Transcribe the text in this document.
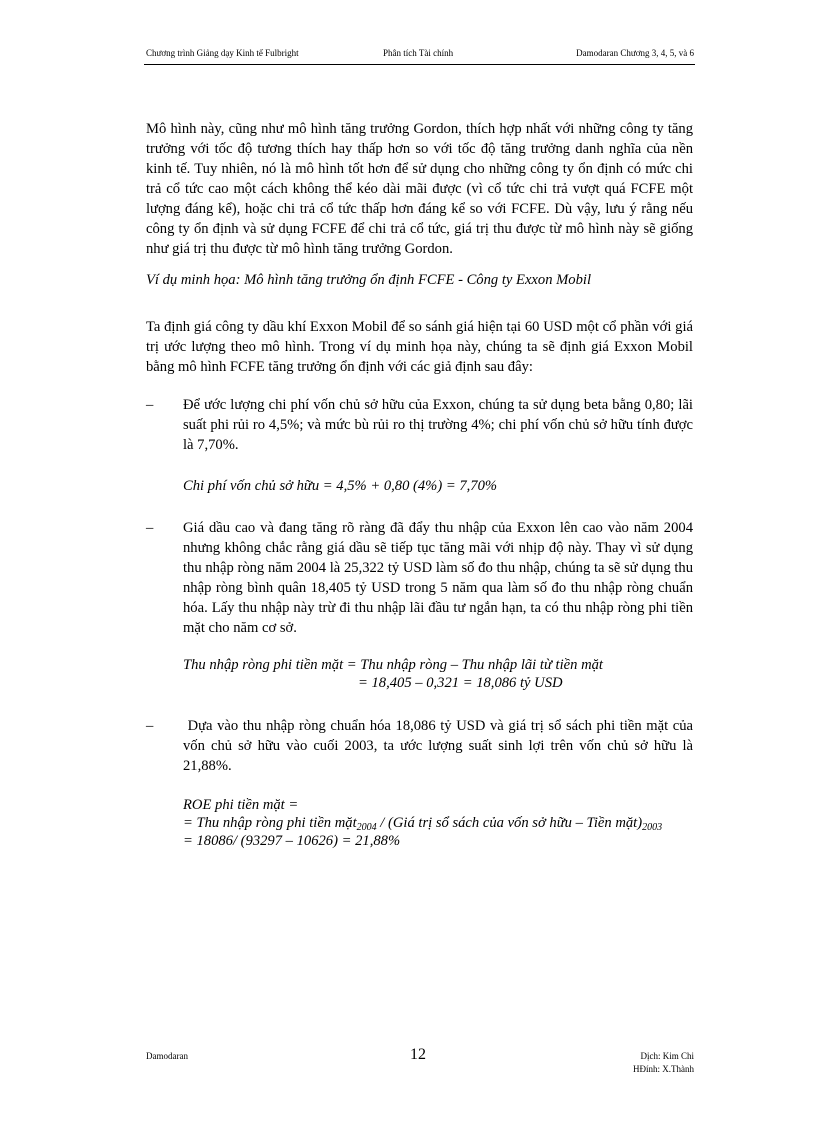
Chương trình Giảng dạy Kinh tế Fulbright	Phân tích Tài chính	Damodaran Chương 3, 4, 5, và 6

Mô hình này, cũng như mô hình tăng trưởng Gordon, thích hợp nhất với những công ty tăng trưởng với tốc độ tương thích hay thấp hơn so với tốc độ tăng trưởng danh nghĩa của nền kinh tế. Tuy nhiên, nó là mô hình tốt hơn để sử dụng cho những công ty ổn định có mức chi trả cổ tức cao một cách không thể kéo dài mãi được (vì cổ tức chi trả vượt quá FCFE một lượng đáng kể), hoặc chi trả cổ tức thấp hơn đáng kể so với FCFE. Dù vậy, lưu ý rằng nếu công ty ổn định và sử dụng FCFE để chi trả cổ tức, giá trị thu được từ mô hình này sẽ giống như giá trị thu được từ mô hình tăng trưởng Gordon.

Ví dụ minh họa: Mô hình tăng trưởng ổn định FCFE - Công ty Exxon Mobil

Ta định giá công ty dầu khí Exxon Mobil để so sánh giá hiện tại 60 USD một cổ phần với giá trị ước lượng theo mô hình. Trong ví dụ minh họa này, chúng ta sẽ định giá Exxon Mobil bằng mô hình FCFE tăng trưởng ổn định với các giả định sau đây:

– Để ước lượng chi phí vốn chủ sở hữu của Exxon, chúng ta sử dụng beta bằng 0,80; lãi suất phi rủi ro 4,5%; và mức bù rủi ro thị trường 4%; chi phí vốn chủ sở hữu tính được là 7,70%.

Chi phí vốn chủ sở hữu = 4,5% + 0,80 (4%) = 7,70%
– Giá dầu cao và đang tăng rõ ràng đã đẩy thu nhập của Exxon lên cao vào năm 2004 nhưng không chắc rằng giá dầu sẽ tiếp tục tăng mãi với nhịp độ này. Thay vì sử dụng thu nhập ròng năm 2004 là 25,322 tỷ USD làm số đo thu nhập, chúng ta sẽ sử dụng thu nhập ròng bình quân 18,405 tỷ USD trong 5 năm qua làm số đo thu nhập ròng chuẩn hóa. Lấy thu nhập này trừ đi thu nhập lãi đầu tư ngắn hạn, ta có thu nhập ròng phi tiền mặt cho năm cơ sở.

Thu nhập ròng phi tiền mặt = Thu nhập ròng – Thu nhập lãi từ tiền mặt
= 18,405 – 0,321 = 18,086 tỷ USD
– Dựa vào thu nhập ròng chuẩn hóa 18,086 tỷ USD và giá trị sổ sách phi tiền mặt của vốn chủ sở hữu vào cuối 2003, ta ước lượng suất sinh lợi trên vốn chủ sở hữu là 21,88%.

ROE phi tiền mặt =
= Thu nhập ròng phi tiền mặt$_{2004}$ / (Giá trị sổ sách của vốn sở hữu – Tiền $mặt)_{2003}$
= 18086/ (93297 – 10626) = 21,88%
Damodaran	12	Dịch: Kim Chi
HĐính: X.Thành
